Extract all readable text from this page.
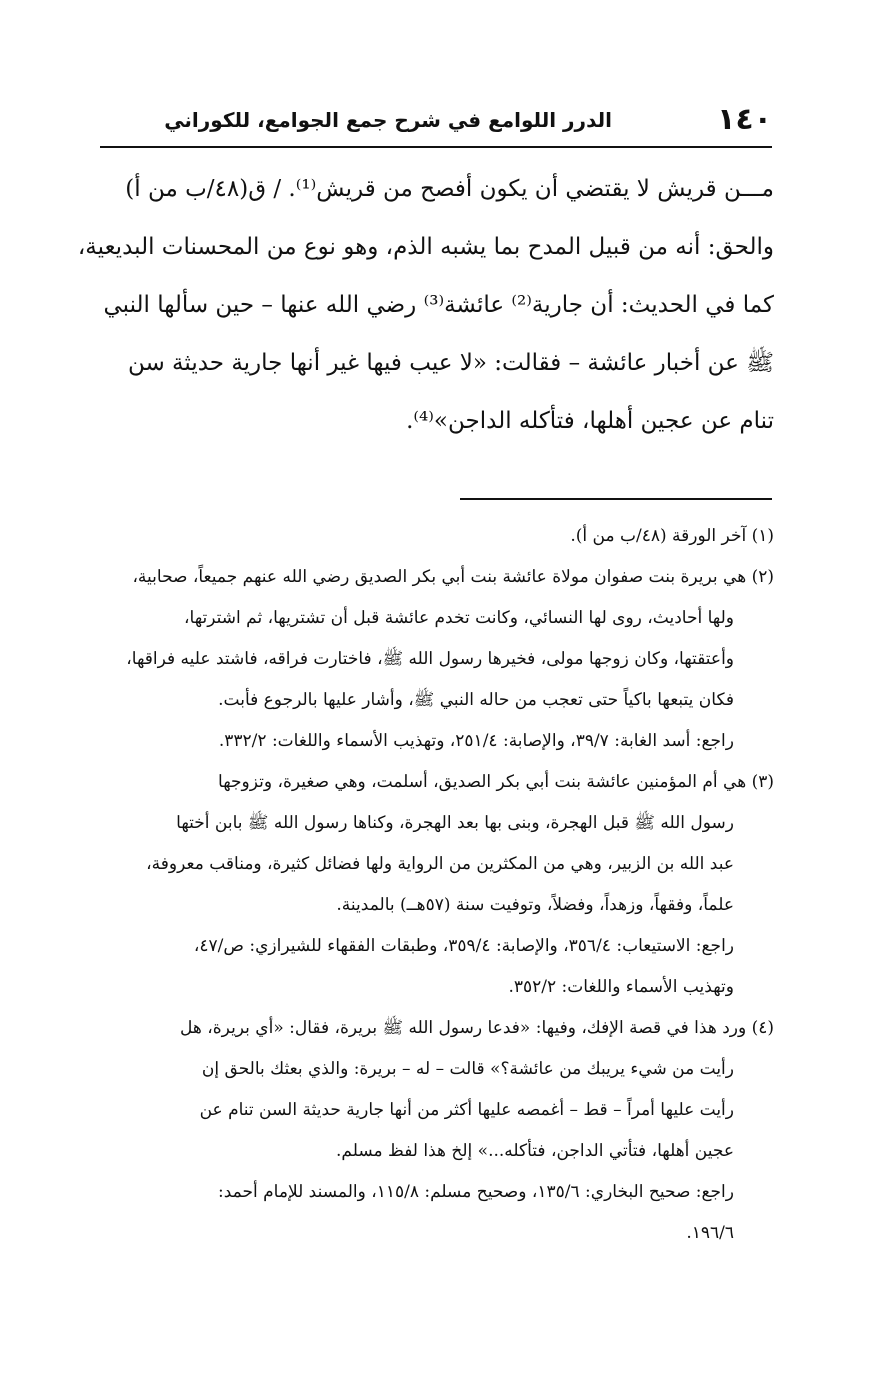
١٤٠
الدرر اللوامع في شرح جمع الجوامع، للكوراني
مـــن قريش لا يقتضي أن يكون أفصح من قريش⁽¹⁾. / ق(٤٨/ب من أ)
والحق: أنه من قبيل المدح بما يشبه الذم، وهو نوع من المحسنات البديعية،
كما في الحديث: أن جارية⁽²⁾ عائشة⁽³⁾ رضي الله عنها – حين سألها النبي
ﷺ عن أخبار عائشة – فقالت: «لا عيب فيها غير أنها جارية حديثة سن
تنام عن عجين أهلها، فتأكله الداجن»⁽⁴⁾.
(١) آخر الورقة (٤٨/ب من أ).
(٢) هي بريرة بنت صفوان مولاة عائشة بنت أبي بكر الصديق رضي الله عنهم جميعاً، صحابية،
ولها أحاديث، روى لها النسائي، وكانت تخدم عائشة قبل أن تشتريها، ثم اشترتها،
وأعتقتها، وكان زوجها مولى، فخيرها رسول الله ﷺ، فاختارت فراقه، فاشتد عليه فراقها،
فكان يتبعها باكياً حتى تعجب من حاله النبي ﷺ، وأشار عليها بالرجوع فأبت.
راجع: أسد الغابة: ٣٩/٧، والإصابة: ٢٥١/٤، وتهذيب الأسماء واللغات: ٣٣٢/٢.
(٣) هي أم المؤمنين عائشة بنت أبي بكر الصديق، أسلمت، وهي صغيرة، وتزوجها
رسول الله ﷺ قبل الهجرة، وبنى بها بعد الهجرة، وكناها رسول الله ﷺ بابن أختها
عبد الله بن الزبير، وهي من المكثرين من الرواية ولها فضائل كثيرة، ومناقب معروفة،
علماً، وفقهاً، وزهداً، وفضلاً، وتوفيت سنة (٥٧هــ) بالمدينة.
راجع: الاستيعاب: ٣٥٦/٤، والإصابة: ٣٥٩/٤، وطبقات الفقهاء للشيرازي: ص/٤٧،
وتهذيب الأسماء واللغات: ٣٥٢/٢.
(٤) ورد هذا في قصة الإفك، وفيها: «فدعا رسول الله ﷺ بريرة، فقال: «أي بريرة، هل
رأيت من شيء يريبك من عائشة؟» قالت – له – بريرة: والذي بعثك بالحق إن
رأيت عليها أمراً – قط – أغمصه عليها أكثر من أنها جارية حديثة السن تنام عن
عجين أهلها، فتأتي الداجن، فتأكله...» إلخ هذا لفظ مسلم.
راجع: صحيح البخاري: ١٣٥/٦، وصحيح مسلم: ١١٥/٨، والمسند للإمام أحمد:
١٩٦/٦.
